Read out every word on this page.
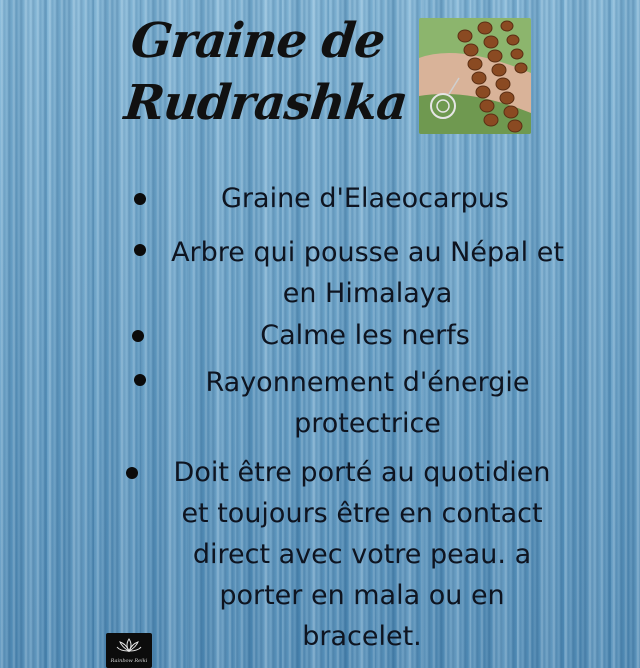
Graine de
Rudrashka
Graine d'Elaeocarpus
Arbre qui pousse au Népal et en Himalaya
Calme les nerfs
Rayonnement d'énergie protectrice
Doit être porté au quotidien et toujours être en contact direct avec votre peau. a porter en mala ou en bracelet.
Rainbow Reiki
